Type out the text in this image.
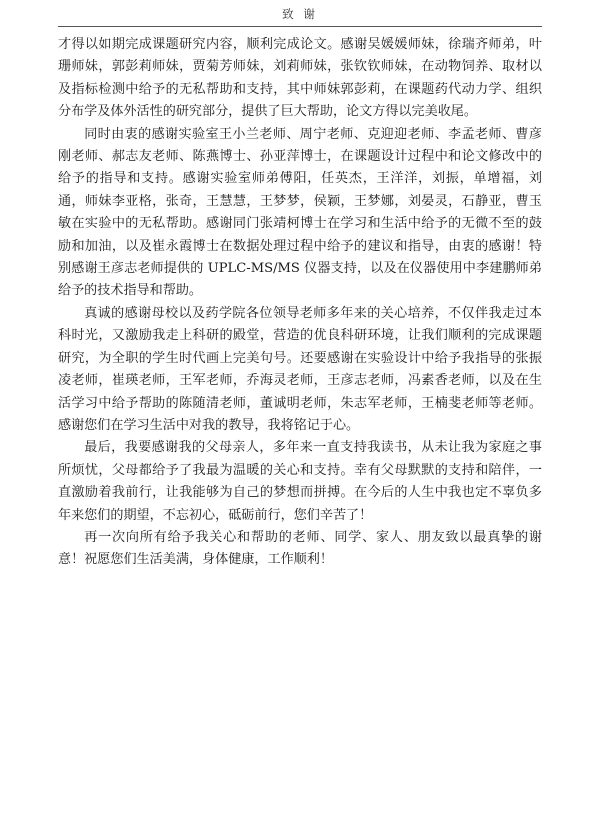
致 谢

才得以如期完成课题研究内容，顺利完成论文。感谢吴媛媛师妹，徐瑞齐师弟，叶珊师妹，郭彭莉师妹，贾菊芳师妹，刘莉师妹，张钦钦师妹，在动物饲养、取材以及指标检测中给予的无私帮助和支持，其中师妹郭彭莉，在课题药代动力学、组织分布学及体外活性的研究部分，提供了巨大帮助，论文方得以完美收尾。

同时由衷的感谢实验室王小兰老师、周宁老师、克迎迎老师、李孟老师、曹彦刚老师、郝志友老师、陈燕博士、孙亚萍博士，在课题设计过程中和论文修改中的给予的指导和支持。感谢实验室师弟傅阳，任英杰，王洋洋，刘振，单增福，刘通，师妹李亚格，张奇，王慧慧，王梦梦，侯颖，王梦娜，刘晏灵，石静亚，曹玉敏在实验中的无私帮助。感谢同门张靖柯博士在学习和生活中给予的无微不至的鼓励和加油，以及崔永霞博士在数据处理过程中给予的建议和指导，由衷的感谢！特别感谢王彦志老师提供的 UPLC-MS/MS 仪器支持，以及在仪器使用中李建鹏师弟给予的技术指导和帮助。

真诚的感谢母校以及药学院各位领导老师多年来的关心培养，不仅伴我走过本科时光，又激励我走上科研的殿堂，营造的优良科研环境，让我们顺利的完成课题研究，为全职的学生时代画上完美句号。还要感谢在实验设计中给予我指导的张振凌老师，崔瑛老师，王军老师，乔海灵老师，王彦志老师，冯素香老师，以及在生活学习中给予帮助的陈随清老师，董诚明老师，朱志军老师，王楠斐老师等老师。感谢您们在学习生活中对我的教导，我将铭记于心。

最后，我要感谢我的父母亲人，多年来一直支持我读书，从未让我为家庭之事所烦忧，父母都给予了我最为温暖的关心和支持。幸有父母默默的支持和陪伴，一直激励着我前行，让我能够为自己的梦想而拼搏。在今后的人生中我也定不辜负多年来您们的期望，不忘初心，砥砺前行，您们辛苦了！

再一次向所有给予我关心和帮助的老师、同学、家人、朋友致以最真挚的谢意！祝愿您们生活美满，身体健康，工作顺利！
